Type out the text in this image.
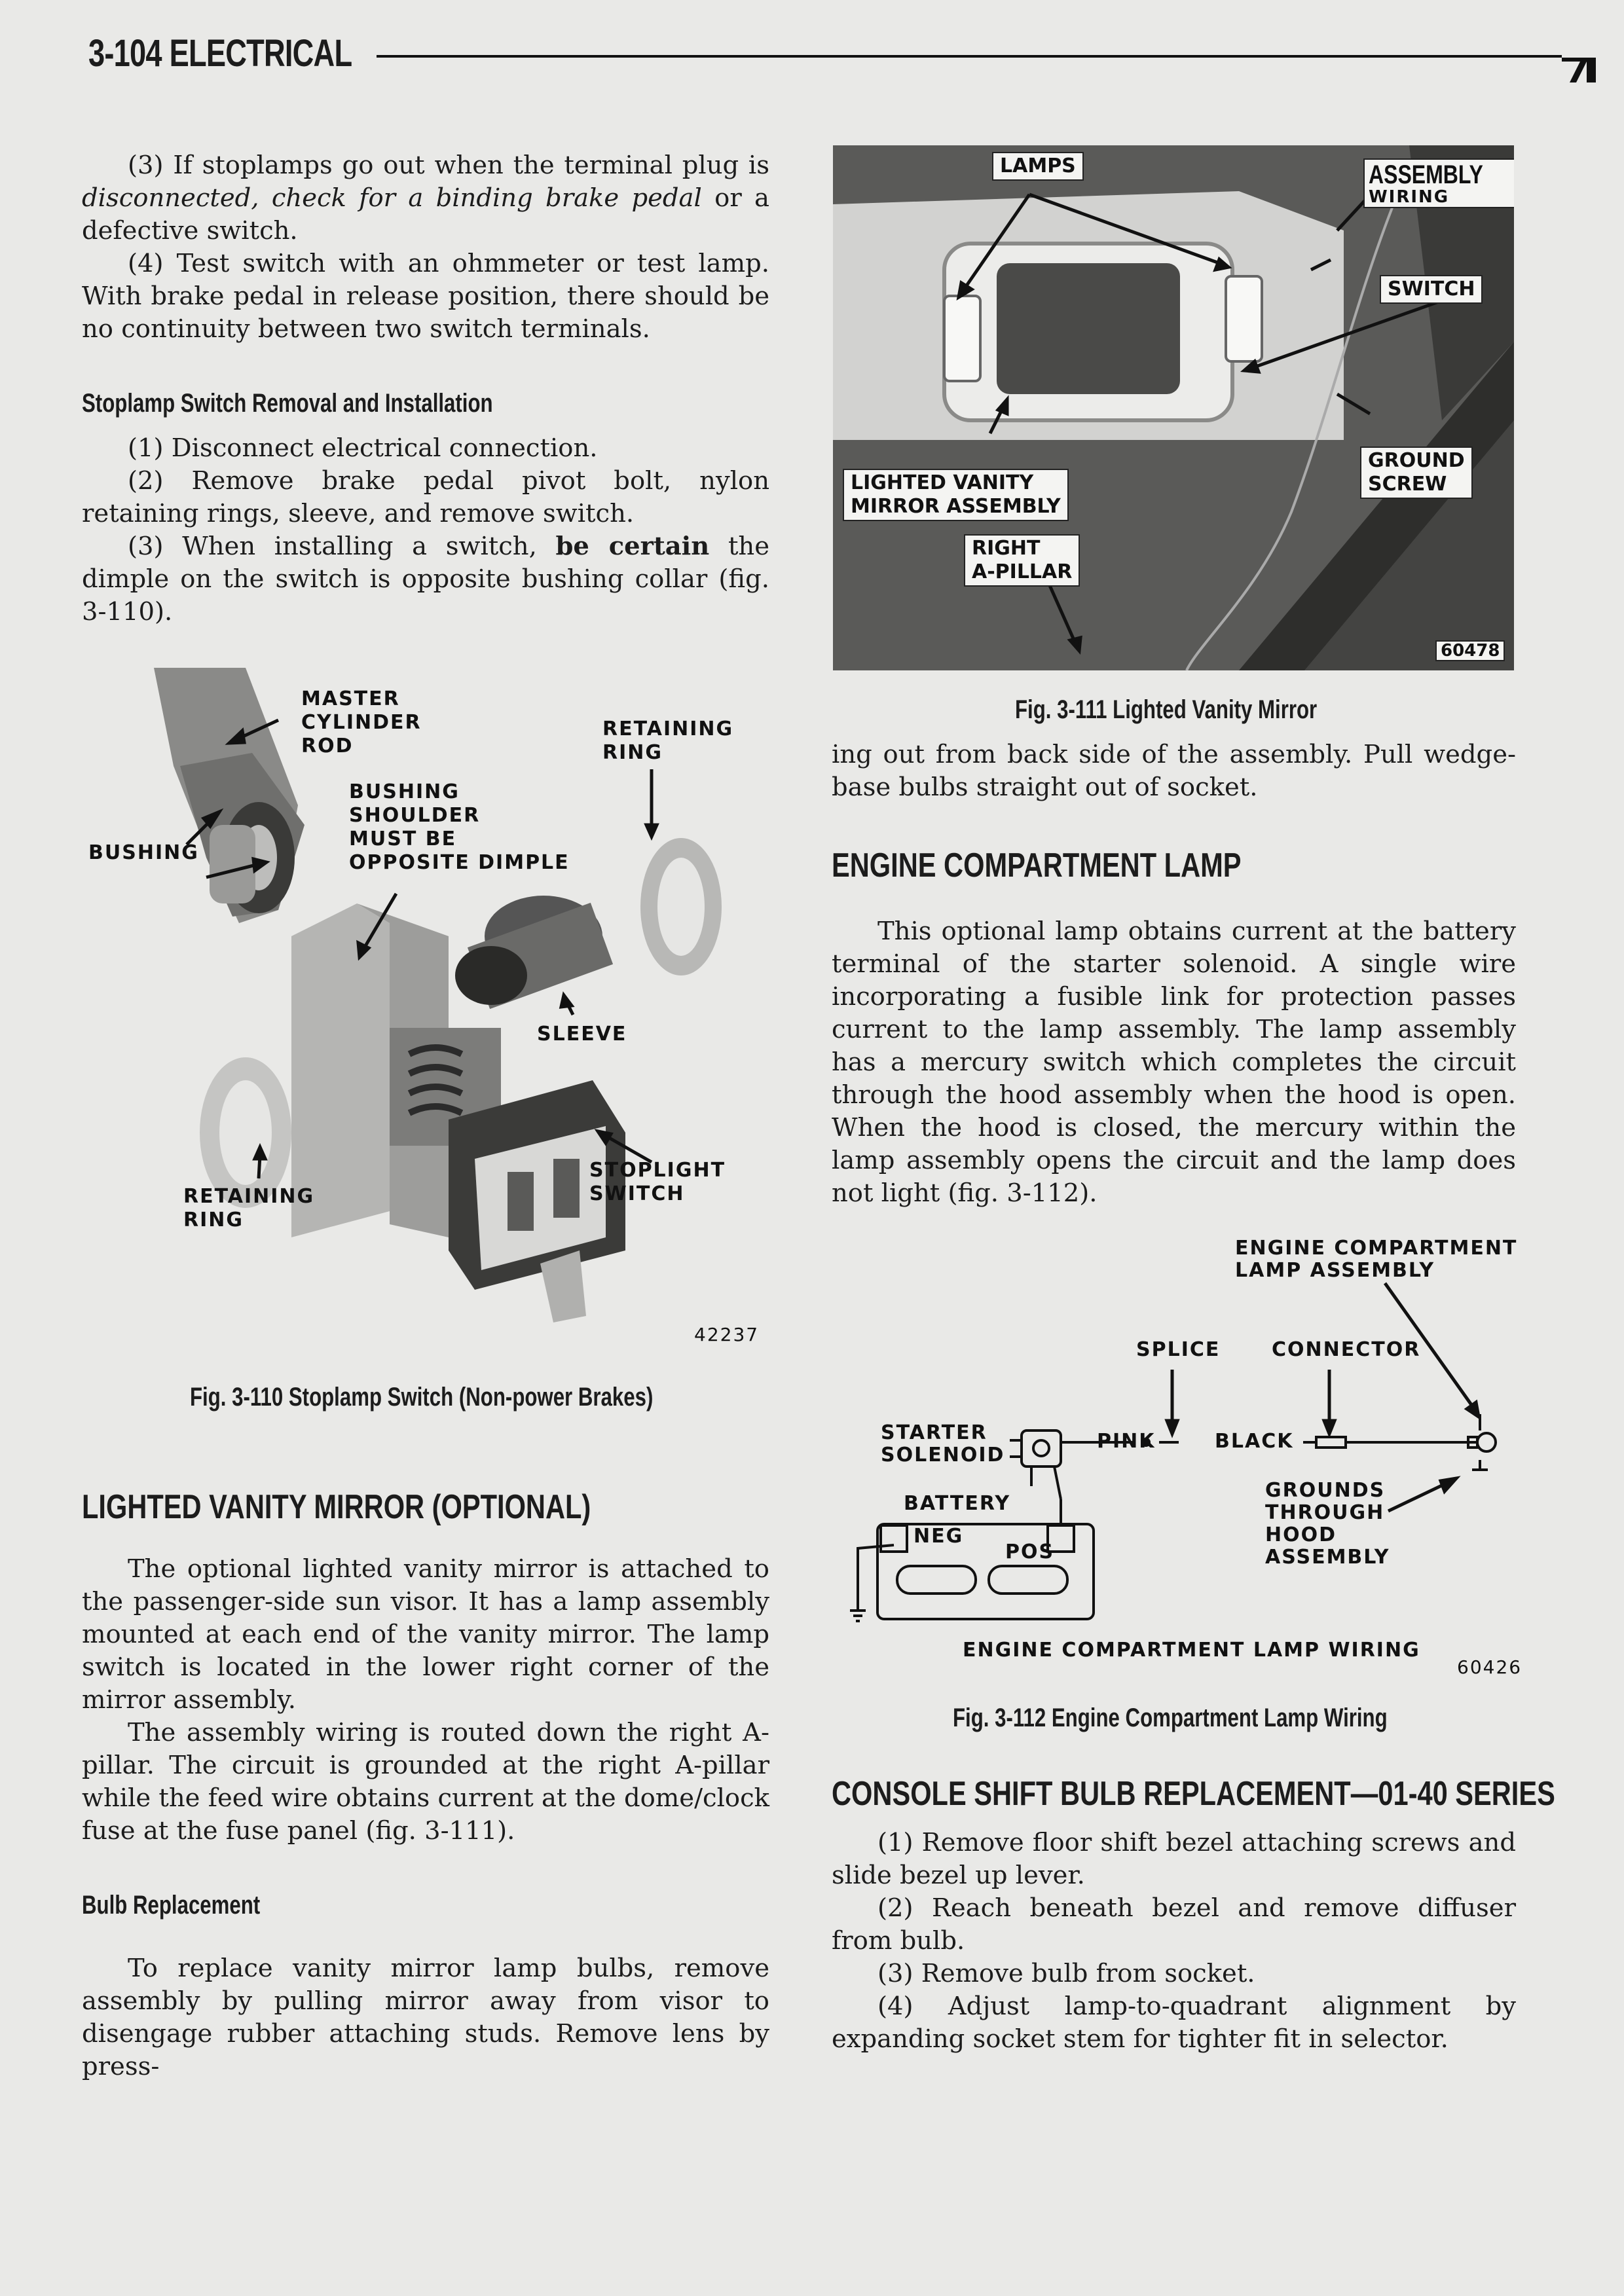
3-104 ELECTRICAL

(3) If stoplamps go out when the terminal plug is disconnected, check for a binding brake pedal or a defective switch.

(4) Test switch with an ohmmeter or test lamp. With brake pedal in release position, there should be no continuity between two switch terminals.

Stoplamp Switch Removal and Installation

(1) Disconnect electrical connection.

(2) Remove brake pedal pivot bolt, nylon retaining rings, sleeve, and remove switch.

(3) When installing a switch, be certain the dimple on the switch is opposite bushing collar (fig. 3-110).

MASTER
CYLINDER
ROD
RETAINING
RING
BUSHING
SHOULDER
MUST BE
OPPOSITE DIMPLE
BUSHING
SLEEVE
RETAINING
RING
STOPLIGHT
SWITCH
42237
Fig. 3-110 Stoplamp Switch (Non-power Brakes)
LIGHTED VANITY MIRROR (OPTIONAL)

The optional lighted vanity mirror is attached to the passenger-side sun visor. It has a lamp assembly mounted at each end of the vanity mirror. The lamp switch is located in the lower right corner of the mirror assembly.

The assembly wiring is routed down the right A-pillar. The circuit is grounded at the right A-pillar while the feed wire obtains current at the dome/clock fuse at the fuse panel (fig. 3-111).

Bulb Replacement

To replace vanity mirror lamp bulbs, remove assembly by pulling mirror away from visor to disengage rubber attaching studs. Remove lens by press-

LAMPS	ASSEMBLY
WIRING
SWITCH
LIGHTED VANITY
MIRROR ASSEMBLY
GROUND
SCREW
RIGHT
A-PILLAR
60478
Fig. 3-111 Lighted Vanity Mirror

ing out from back side of the assembly. Pull wedge-base bulbs straight out of socket.

ENGINE COMPARTMENT LAMP

This optional lamp obtains current at the battery terminal of the starter solenoid. A single wire incorporating a fusible link for protection passes current to the lamp assembly. The lamp assembly has a mercury switch which completes the circuit through the hood assembly when the hood is open. When the hood is closed, the mercury within the lamp assembly opens the circuit and the lamp does not light (fig. 3-112).

ENGINE COMPARTMENT
LAMP ASSEMBLY
SPLICE	CONNECTOR
STARTER
SOLENOID
PINK	BLACK
BATTERY
NEG
POS
GROUNDS
THROUGH
HOOD
ASSEMBLY
ENGINE COMPARTMENT LAMP WIRING
60426
Fig. 3-112 Engine Compartment Lamp Wiring
CONSOLE SHIFT BULB REPLACEMENT—01-40 SERIES

(1) Remove floor shift bezel attaching screws and slide bezel up lever.

(2) Reach beneath bezel and remove diffuser from bulb.

(3) Remove bulb from socket.

(4) Adjust lamp-to-quadrant alignment by expanding socket stem for tighter fit in selector.
